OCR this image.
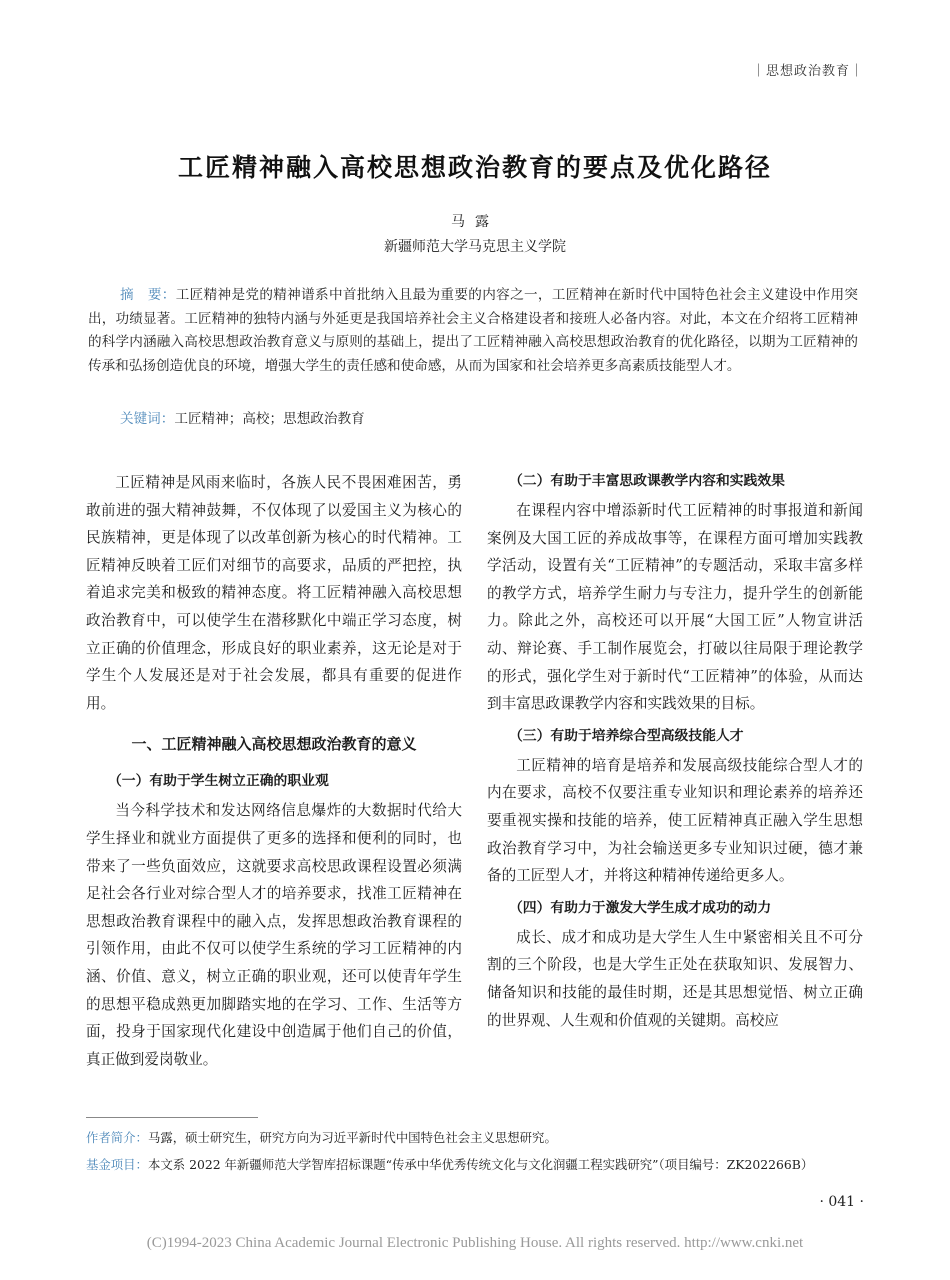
｜思想政治教育｜
工匠精神融入高校思想政治教育的要点及优化路径
马露
新疆师范大学马克思主义学院
摘　要：工匠精神是党的精神谱系中首批纳入且最为重要的内容之一，工匠精神在新时代中国特色社会主义建设中作用突出，功绩显著。工匠精神的独特内涵与外延更是我国培养社会主义合格建设者和接班人必备内容。对此，本文在介绍将工匠精神的科学内涵融入高校思想政治教育意义与原则的基础上，提出了工匠精神融入高校思想政治教育的优化路径，以期为工匠精神的传承和弘扬创造优良的环境，增强大学生的责任感和使命感，从而为国家和社会培养更多高素质技能型人才。
关键词：工匠精神；高校；思想政治教育

工匠精神是风雨来临时，各族人民不畏困难困苦，勇敢前进的强大精神鼓舞，不仅体现了以爱国主义为核心的民族精神，更是体现了以改革创新为核心的时代精神。工匠精神反映着工匠们对细节的高要求，品质的严把控，执着追求完美和极致的精神态度。将工匠精神融入高校思想政治教育中，可以使学生在潜移默化中端正学习态度，树立正确的价值理念，形成良好的职业素养，这无论是对于学生个人发展还是对于社会发展，都具有重要的促进作用。

一、工匠精神融入高校思想政治教育的意义
（一）有助于学生树立正确的职业观

当今科学技术和发达网络信息爆炸的大数据时代给大学生择业和就业方面提供了更多的选择和便利的同时，也带来了一些负面效应，这就要求高校思政课程设置必须满足社会各行业对综合型人才的培养要求，找准工匠精神在思想政治教育课程中的融入点，发挥思想政治教育课程的引领作用，由此不仅可以使学生系统的学习工匠精神的内涵、价值、意义，树立正确的职业观，还可以使青年学生的思想平稳成熟更加脚踏实地的在学习、工作、生活等方面，投身于国家现代化建设中创造属于他们自己的价值，真正做到爱岗敬业。

（二）有助于丰富思政课教学内容和实践效果

在课程内容中增添新时代工匠精神的时事报道和新闻案例及大国工匠的养成故事等，在课程方面可增加实践教学活动，设置有关“工匠精神”的专题活动，采取丰富多样的教学方式，培养学生耐力与专注力，提升学生的创新能力。除此之外，高校还可以开展“大国工匠”人物宣讲活动、辩论赛、手工制作展览会，打破以往局限于理论教学的形式，强化学生对于新时代“工匠精神”的体验，从而达到丰富思政课教学内容和实践效果的目标。

（三）有助于培养综合型高级技能人才

工匠精神的培育是培养和发展高级技能综合型人才的内在要求，高校不仅要注重专业知识和理论素养的培养还要重视实操和技能的培养，使工匠精神真正融入学生思想政治教育学习中，为社会输送更多专业知识过硬，德才兼备的工匠型人才，并将这种精神传递给更多人。

（四）有助力于激发大学生成才成功的动力

成长、成才和成功是大学生人生中紧密相关且不可分割的三个阶段，也是大学生正处在获取知识、发展智力、储备知识和技能的最佳时期，还是其思想觉悟、树立正确的世界观、人生观和价值观的关键期。高校应

作者简介：马露，硕士研究生，研究方向为习近平新时代中国特色社会主义思想研究。
基金项目：本文系 2022 年新疆师范大学智库招标课题“传承中华优秀传统文化与文化润疆工程实践研究”（项目编号：ZK202266B）
· 041 ·
(C)1994-2023 China Academic Journal Electronic Publishing House. All rights reserved. http://www.cnki.net
